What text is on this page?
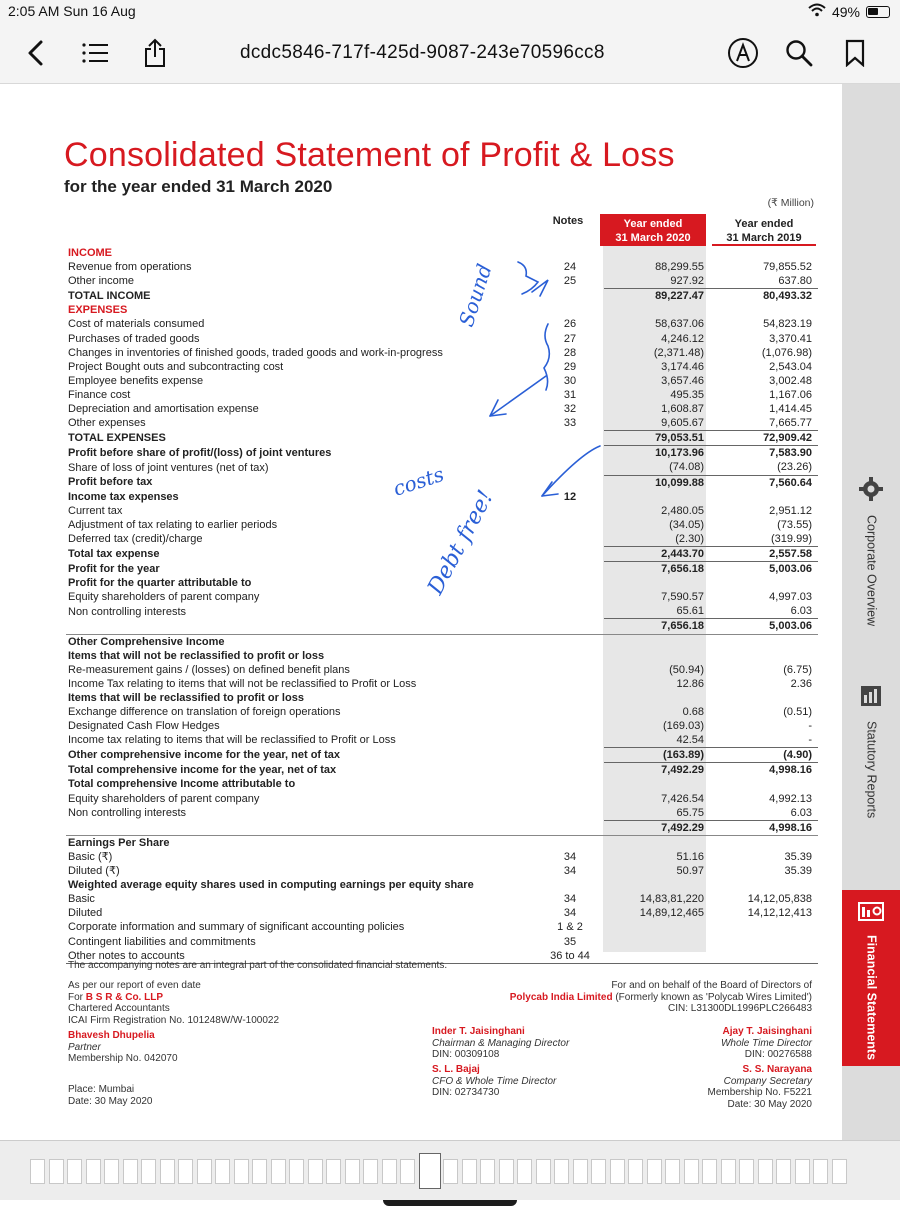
2:05 AM Sun 16 Aug	49%
dcdc5846-717f-425d-9087-243e70596cc8
Consolidated Statement of Profit & Loss
for the year ended 31 March 2020
(₹ Million)
Notes	Year ended
31 March 2020
Year ended
31 March 2019
INCOME			
Revenue from operations	24	88,299.55	79,855.52
Other income	25	927.92	637.80
TOTAL INCOME		89,227.47	80,493.32
EXPENSES			
Cost of materials consumed	26	58,637.06	54,823.19
Purchases of traded goods	27	4,246.12	3,370.41
Changes in inventories of finished goods, traded goods and work-in-progress	28	(2,371.48)	(1,076.98)
Project Bought outs and subcontracting cost	29	3,174.46	2,543.04
Employee benefits expense	30	3,657.46	3,002.48
Finance cost	31	495.35	1,167.06
Depreciation and amortisation expense	32	1,608.87	1,414.45
Other expenses	33	9,605.67	7,665.77
TOTAL EXPENSES		79,053.51	72,909.42
Profit before share of profit/(loss) of joint ventures		10,173.96	7,583.90
Share of loss of joint ventures (net of tax)		(74.08)	(23.26)
Profit before tax		10,099.88	7,560.64
Income tax expenses	12		
Current tax		2,480.05	2,951.12
Adjustment of tax relating to earlier periods		(34.05)	(73.55)
Deferred tax (credit)/charge		(2.30)	(319.99)
Total tax expense		2,443.70	2,557.58
Profit for the year		7,656.18	5,003.06
Profit for the quarter attributable to			
Equity shareholders of parent company		7,590.57	4,997.03
Non controlling interests		65.61	6.03
		7,656.18	5,003.06
Other Comprehensive Income			
Items that will not be reclassified to profit or loss			
Re-measurement gains / (losses) on defined benefit plans		(50.94)	(6.75)
Income Tax relating to items that will not be reclassified to Profit or Loss		12.86	2.36
Items that will be reclassified to profit or loss			
Exchange difference on translation of foreign operations		0.68	(0.51)
Designated Cash Flow Hedges		(169.03)	-
Income tax relating to items that will be reclassified to Profit or Loss		42.54	-
Other comprehensive income for the year, net of tax		(163.89)	(4.90)
Total comprehensive income for the year, net of tax		7,492.29	4,998.16
Total comprehensive Income attributable to			
Equity shareholders of parent company		7,426.54	4,992.13
Non controlling interests		65.75	6.03
		7,492.29	4,998.16
Earnings Per Share			
Basic (₹)	34	51.16	35.39
Diluted (₹)	34	50.97	35.39
Weighted average equity shares used in computing earnings per equity share			
Basic	34	14,83,81,220	14,12,05,838
Diluted	34	14,89,12,465	14,12,12,413
Corporate information and summary of significant accounting policies	1 & 2		
Contingent liabilities and commitments	35		
Other notes to accounts	36 to 44		
The accompanying notes are an integral part of the consolidated financial statements.
As per our report of even date
For B S R & Co. LLP
Chartered Accountants
ICAI Firm Registration No. 101248W/W-100022
Bhavesh Dhupelia
Partner
Membership No. 042070
Place: Mumbai
Date: 30 May 2020
For and on behalf of the Board of Directors of
Polycab India Limited (Formerly known as 'Polycab Wires Limited')
CIN: L31300DL1996PLC266483
Inder T. Jaisinghani
Chairman & Managing Director
DIN: 00309108
S. L. Bajaj
CFO & Whole Time Director
DIN: 02734730
Ajay T. Jaisinghani
Whole Time Director
DIN: 00276588
S. S. Narayana
Company Secretary
Membership No. F5221
Date: 30 May 2020
Corporate Overview
Statutory Reports
Financial Statements
Sound
costs
Debt free!
